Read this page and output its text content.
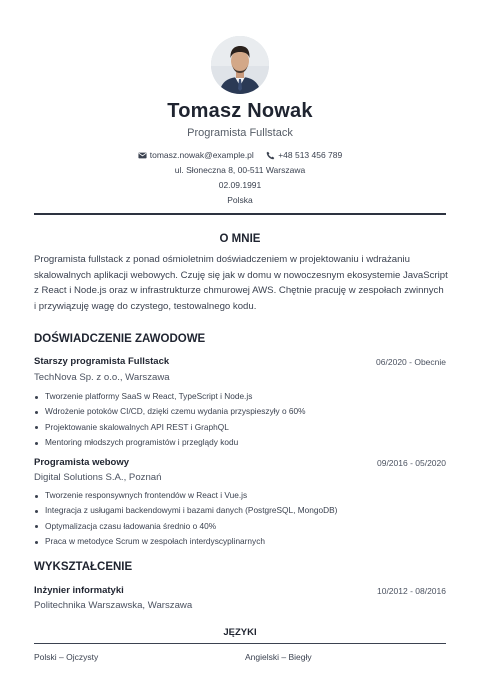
Tomasz Nowak
Programista Fullstack
tomasz.nowak@example.pl
	+48 513 456 789
ul. Słoneczna 8, 00-511 Warszawa
02.09.1991
Polska
O MNIE
Programista fullstack z ponad ośmioletnim doświadczeniem w projektowaniu i wdrażaniu skalowalnych aplikacji webowych. Czuję się jak w domu w nowoczesnym ekosystemie JavaScript z React i Node.js oraz w infrastrukturze chmurowej AWS. Chętnie pracuję w zespołach zwinnych i przywiązuję wagę do czystego, testowalnego kodu.
DOŚWIADCZENIE ZAWODOWE
Starszy programista Fullstack	06/2020 - Obecnie
TechNova Sp. z o.o., Warszawa
Tworzenie platformy SaaS w React, TypeScript i Node.js
Wdrożenie potoków CI/CD, dzięki czemu wydania przyspieszyły o 60%
Projektowanie skalowalnych API REST i GraphQL
Mentoring młodszych programistów i przeglądy kodu
Programista webowy	09/2016 - 05/2020
Digital Solutions S.A., Poznań
Tworzenie responsywnych frontendów w React i Vue.js
Integracja z usługami backendowymi i bazami danych (PostgreSQL, MongoDB)
Optymalizacja czasu ładowania średnio o 40%
Praca w metodyce Scrum w zespołach interdyscyplinarnych
WYKSZTAŁCENIE
Inżynier informatyki	10/2012 - 08/2016
Politechnika Warszawska, Warszawa
JĘZYKI
Polski – Ojczysty	Angielski – Biegły
